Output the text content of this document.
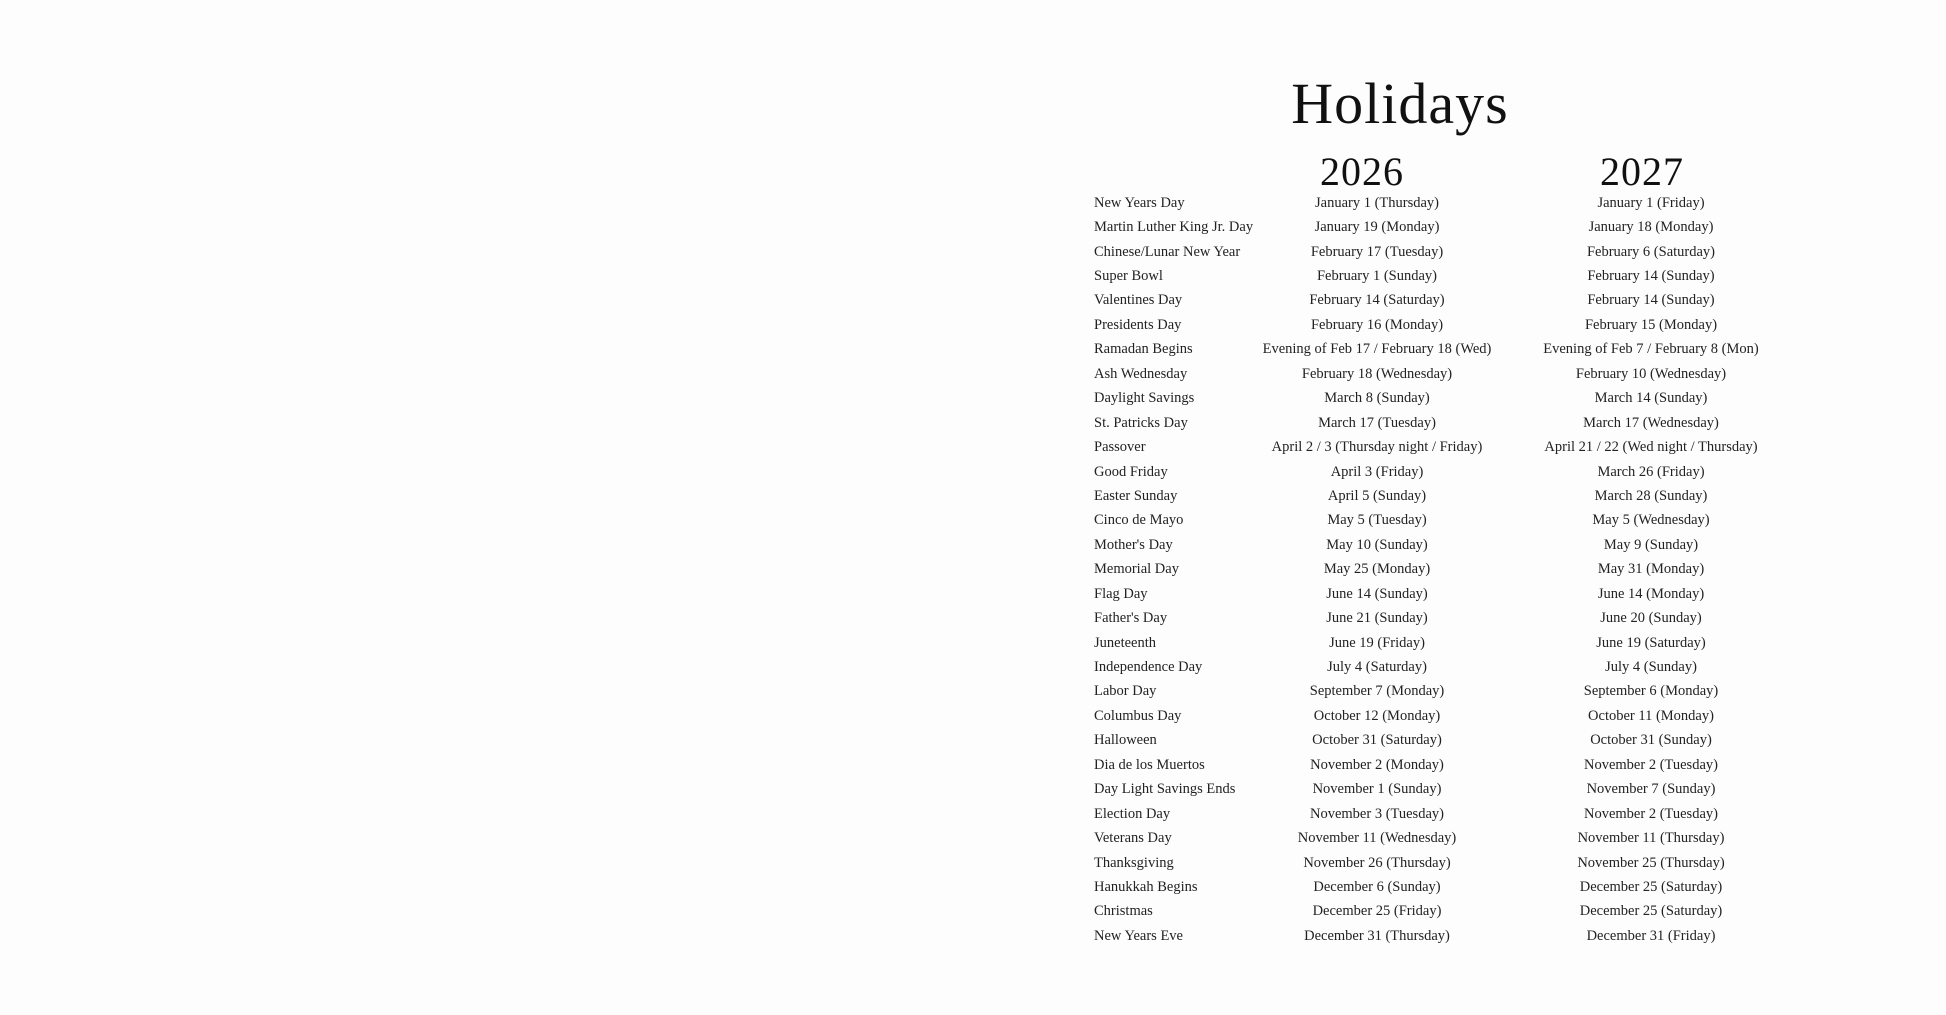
Holidays
2026	2027
New Years Day	January 1 (Thursday)	January 1 (Friday)
Martin Luther King Jr. Day	January 19 (Monday)	January 18 (Monday)
Chinese/Lunar New Year	February 17 (Tuesday)	February 6 (Saturday)
Super Bowl	February 1 (Sunday)	February 14 (Sunday)
Valentines Day	February 14 (Saturday)	February 14 (Sunday)
Presidents Day	February 16 (Monday)	February 15 (Monday)
Ramadan Begins	Evening of Feb 17 / February 18 (Wed)	Evening of Feb 7 / February 8 (Mon)
Ash Wednesday	February 18 (Wednesday)	February 10 (Wednesday)
Daylight Savings	March 8 (Sunday)	March 14 (Sunday)
St. Patricks Day	March 17 (Tuesday)	March 17 (Wednesday)
Passover	April 2 / 3 (Thursday night / Friday)	April 21 / 22 (Wed night / Thursday)
Good Friday	April 3 (Friday)	March 26 (Friday)
Easter Sunday	April 5 (Sunday)	March 28 (Sunday)
Cinco de Mayo	May 5 (Tuesday)	May 5 (Wednesday)
Mother's Day	May 10 (Sunday)	May 9 (Sunday)
Memorial Day	May 25 (Monday)	May 31 (Monday)
Flag Day	June 14 (Sunday)	June 14 (Monday)
Father's Day	June 21 (Sunday)	June 20 (Sunday)
Juneteenth	June 19 (Friday)	June 19 (Saturday)
Independence Day	July 4 (Saturday)	July 4 (Sunday)
Labor Day	September 7 (Monday)	September 6 (Monday)
Columbus Day	October 12 (Monday)	October 11 (Monday)
Halloween	October 31 (Saturday)	October 31 (Sunday)
Dia de los Muertos	November 2 (Monday)	November 2 (Tuesday)
Day Light Savings Ends	November 1 (Sunday)	November 7 (Sunday)
Election Day	November 3 (Tuesday)	November 2 (Tuesday)
Veterans Day	November 11 (Wednesday)	November 11 (Thursday)
Thanksgiving	November 26 (Thursday)	November 25 (Thursday)
Hanukkah Begins	December 6 (Sunday)	December 25 (Saturday)
Christmas	December 25 (Friday)	December 25 (Saturday)
New Years Eve	December 31 (Thursday)	December 31 (Friday)
